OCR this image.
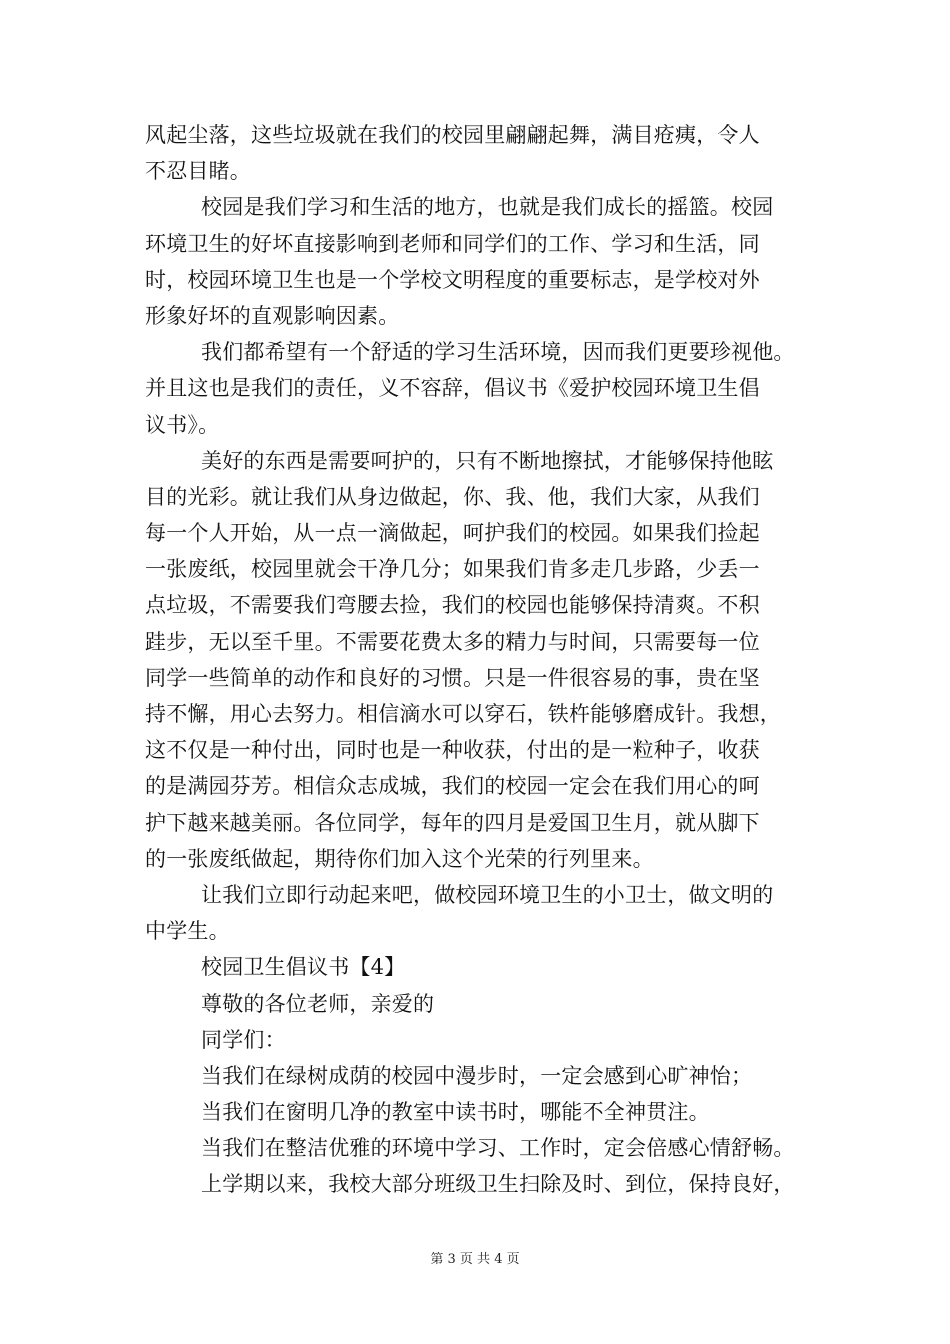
风起尘落，这些垃圾就在我们的校园里翩翩起舞，满目疮痍，令人
不忍目睹。
校园是我们学习和生活的地方，也就是我们成长的摇篮。校园
环境卫生的好坏直接影响到老师和同学们的工作、学习和生活，同
时，校园环境卫生也是一个学校文明程度的重要标志，是学校对外
形象好坏的直观影响因素。
我们都希望有一个舒适的学习生活环境，因而我们更要珍视他。
并且这也是我们的责任，义不容辞，倡议书《爱护校园环境卫生倡
议书》。
美好的东西是需要呵护的，只有不断地擦拭，才能够保持他眩
目的光彩。就让我们从身边做起，你、我、他，我们大家，从我们
每一个人开始，从一点一滴做起，呵护我们的校园。如果我们捡起
一张废纸，校园里就会干净几分；如果我们肯多走几步路，少丢一
点垃圾，不需要我们弯腰去捡，我们的校园也能够保持清爽。不积
跬步，无以至千里。不需要花费太多的精力与时间，只需要每一位
同学一些简单的动作和良好的习惯。只是一件很容易的事，贵在坚
持不懈，用心去努力。相信滴水可以穿石，铁杵能够磨成针。我想，
这不仅是一种付出，同时也是一种收获，付出的是一粒种子，收获
的是满园芬芳。相信众志成城，我们的校园一定会在我们用心的呵
护下越来越美丽。各位同学，每年的四月是爱国卫生月，就从脚下
的一张废纸做起，期待你们加入这个光荣的行列里来。
让我们立即行动起来吧，做校园环境卫生的小卫士，做文明的
中学生。
校园卫生倡议书【4】
尊敬的各位老师，亲爱的
同学们：
当我们在绿树成荫的校园中漫步时，一定会感到心旷神怡；
当我们在窗明几净的教室中读书时，哪能不全神贯注。
当我们在整洁优雅的环境中学习、工作时，定会倍感心情舒畅。
上学期以来，我校大部分班级卫生扫除及时、到位，保持良好，
第 3 页 共 4 页
